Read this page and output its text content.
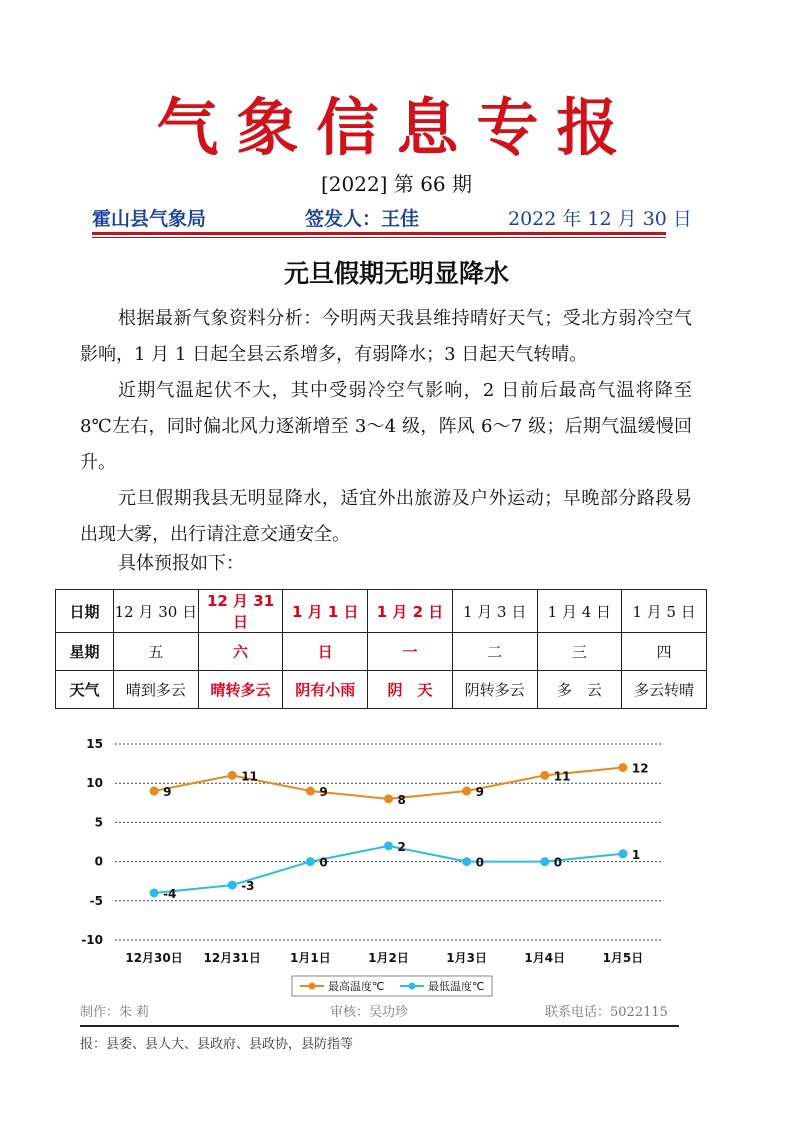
气象信息专报
[2022] 第 66 期
霍山县气象局	签发人：王佳	2022 年 12 月 30 日
元旦假期无明显降水
根据最新气象资料分析：今明两天我县维持晴好天气；受北方弱冷空气影响，1 月 1 日起全县云系增多，有弱降水；3 日起天气转晴。
近期气温起伏不大，其中受弱冷空气影响，2 日前后最高气温将降至 8℃左右，同时偏北风力逐渐增至 3～4 级，阵风 6～7 级；后期气温缓慢回升。
元旦假期我县无明显降水，适宜外出旅游及户外运动；早晚部分路段易出现大雾，出行请注意交通安全。
具体预报如下：
日期	12 月 30 日	12 月 31 日	1 月 1 日	1 月 2 日	1 月 3 日	1 月 4 日	1 月 5 日
星期	五	六	日	一	二	三	四
天气	晴到多云	晴转多云	阴有小雨	阴　天	阴转多云	多　云	多云转晴
15
10
5
0
-5
-10
12月30日 12月31日 1月1日	1月2日	1月3日	1月4日	1月5日
9
11
9
8
9
11
12
-4
-3
0
2
0	0
1
最高温度℃	最低温度℃
制作：朱 莉	审核：吴功珍	联系电话：5022115
报：县委、县人大、县政府、县政协，县防指等
